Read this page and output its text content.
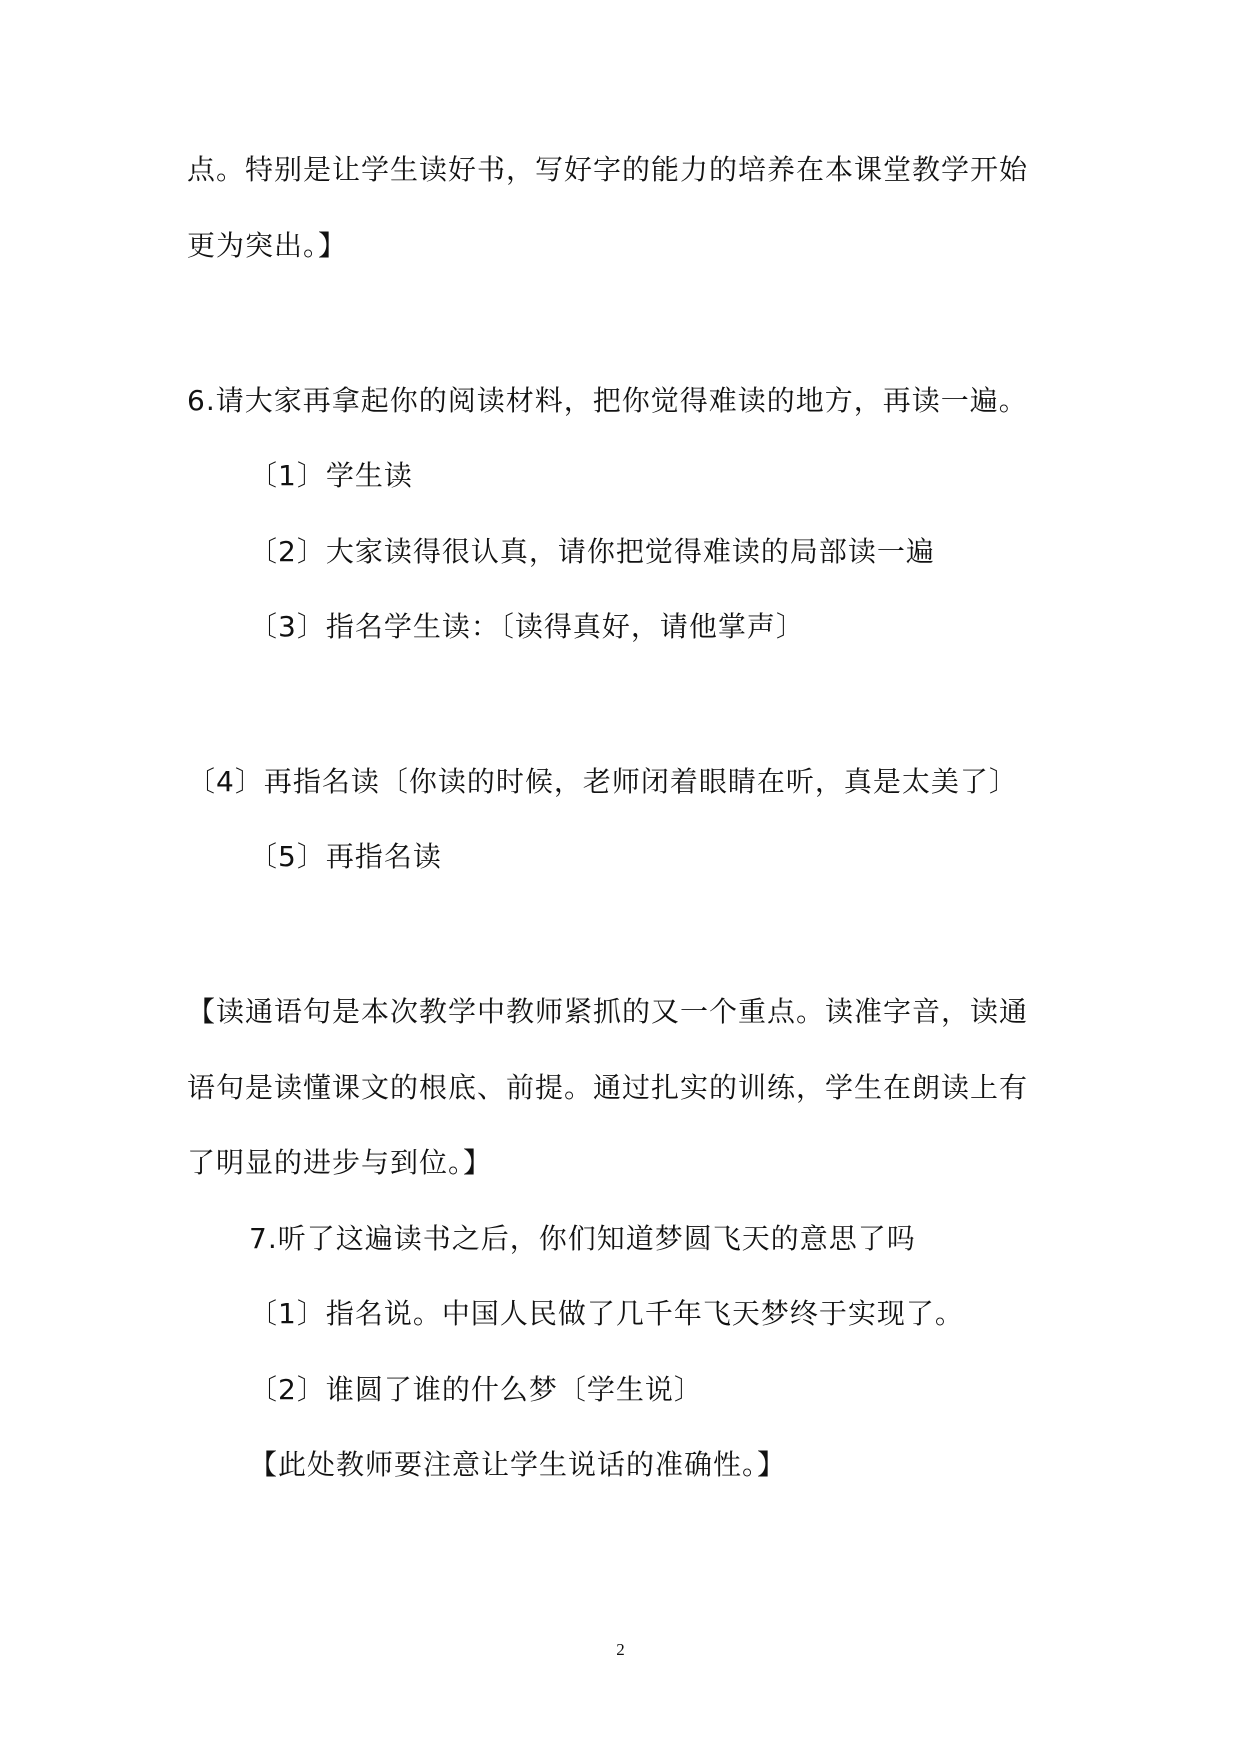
点。特别是让学生读好书，写好字的能力的培养在本课堂教学开始

更为突出。】

6.请大家再拿起你的阅读材料，把你觉得难读的地方，再读一遍。

〔1〕学生读

〔2〕大家读得很认真，请你把觉得难读的局部读一遍

〔3〕指名学生读：〔读得真好，请他掌声〕

〔4〕再指名读〔你读的时候，老师闭着眼睛在听，真是太美了〕

〔5〕再指名读

【读通语句是本次教学中教师紧抓的又一个重点。读准字音，读通

语句是读懂课文的根底、前提。通过扎实的训练，学生在朗读上有

了明显的进步与到位。】

7.听了这遍读书之后，你们知道梦圆飞天的意思了吗

〔1〕指名说。中国人民做了几千年飞天梦终于实现了。

〔2〕谁圆了谁的什么梦〔学生说〕

【此处教师要注意让学生说话的准确性。】

2
